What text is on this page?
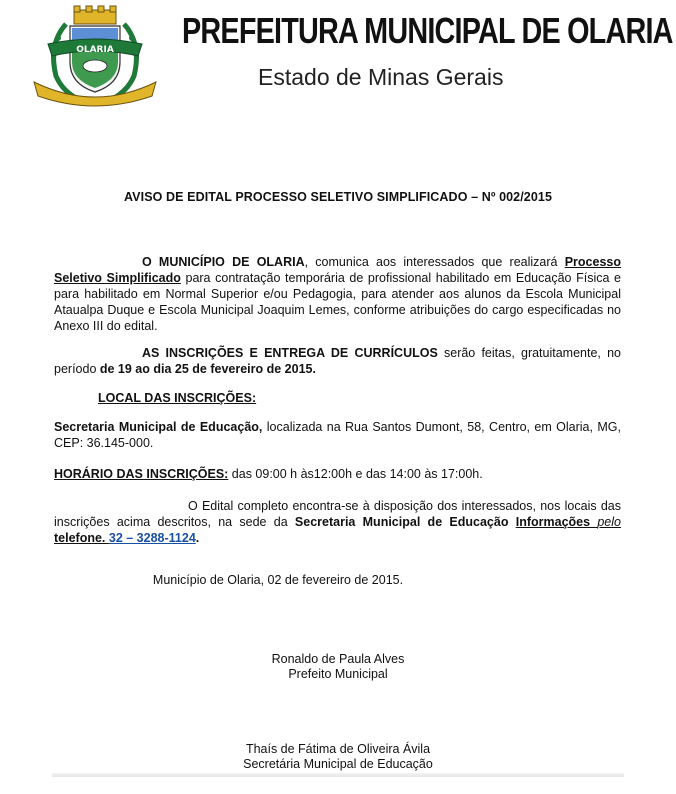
OLARIA PREFEITURA MUNICIPAL DE OLARIA
Estado de Minas Gerais
AVISO DE EDITAL PROCESSO SELETIVO SIMPLIFICADO – Nº 002/2015
O MUNICÍPIO DE OLARIA, comunica aos interessados que realizará Processo Seletivo Simplificado para contratação temporária de profissional habilitado em Educação Física e para habilitado em Normal Superior e/ou Pedagogia, para atender aos alunos da Escola Municipal Ataualpa Duque e Escola Municipal Joaquim Lemes, conforme atribuições do cargo especificadas no Anexo III do edital.
AS INSCRIÇÕES E ENTREGA DE CURRÍCULOS serão feitas, gratuitamente, no período de 19 ao dia 25 de fevereiro de 2015.
LOCAL DAS INSCRIÇÕES:
Secretaria Municipal de Educação, localizada na Rua Santos Dumont, 58, Centro, em Olaria, MG, CEP: 36.145-000.
HORÁRIO DAS INSCRIÇÕES: das 09:00 h às12:00h e das 14:00 às 17:00h.
O Edital completo encontra-se à disposição dos interessados, nos locais das inscrições acima descritos, na sede da Secretaria Municipal de Educação Informações pelo telefone. 32 – 3288-1124.
Município de Olaria, 02 de fevereiro de 2015.
Ronaldo de Paula Alves
Prefeito Municipal
Thaís de Fátima de Oliveira Ávila
Secretária Municipal de Educação
